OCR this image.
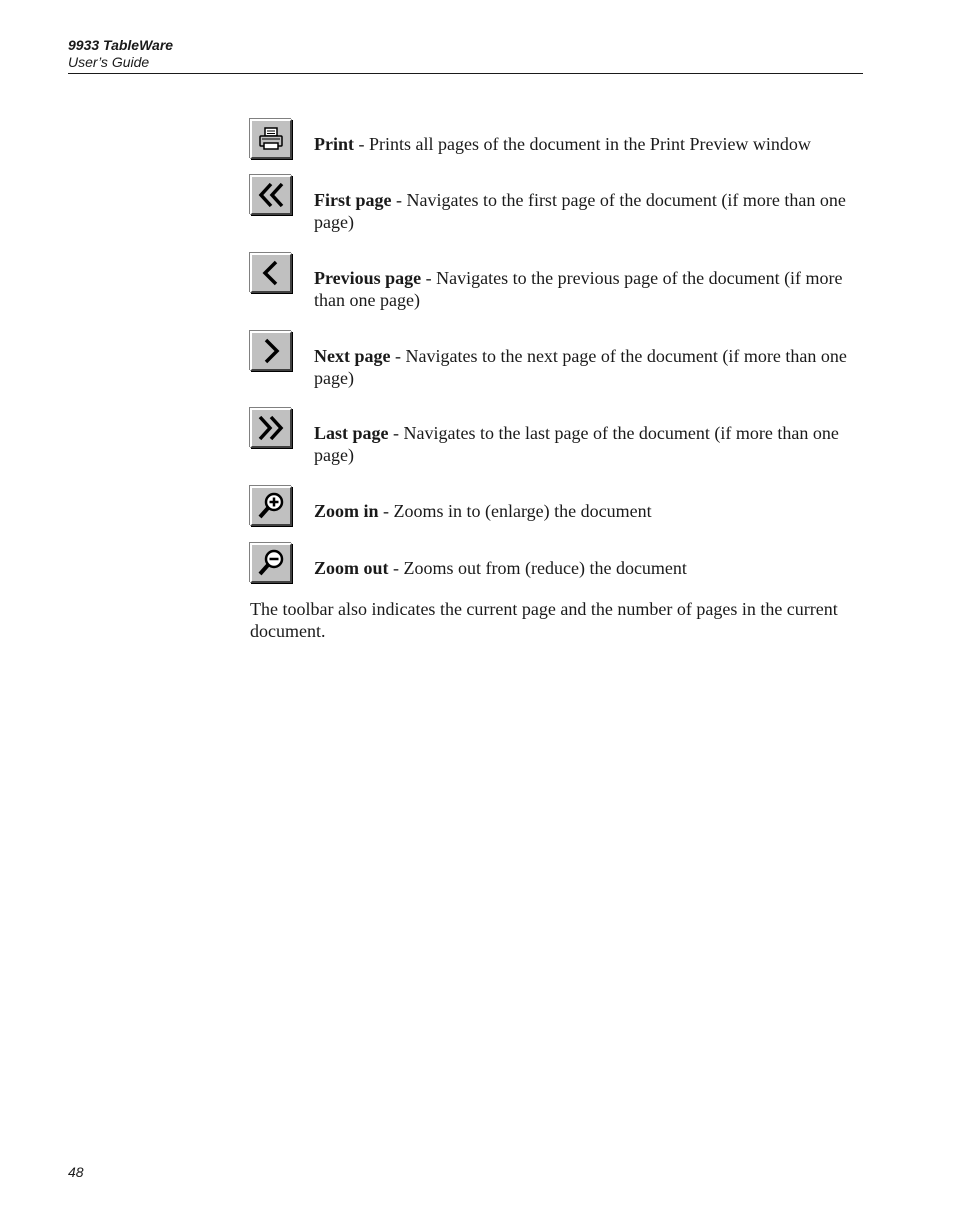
9933 TableWare
User’s Guide
Print - Prints all pages of the document in the Print Preview window
First page - Navigates to the first page of the document (if more than one page)
Previous page - Navigates to the previous page of the document (if more than one page)
Next page - Navigates to the next page of the document (if more than one page)
Last page - Navigates to the last page of the document (if more than one page)
Zoom in - Zooms in to (enlarge) the document
Zoom out - Zooms out from (reduce) the document

The toolbar also indicates the current page and the number of pages in the current document.

48
